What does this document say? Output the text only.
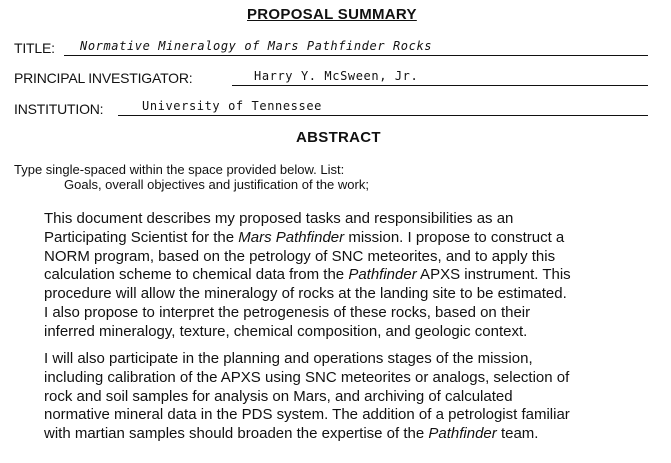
PROPOSAL SUMMARY
TITLE: Normative Mineralogy of Mars Pathfinder Rocks
PRINCIPAL INVESTIGATOR:	Harry Y. McSween, Jr.
INSTITUTION:	University of Tennessee
ABSTRACT
Type single-spaced within the space provided below. List:
Goals, overall objectives and justification of the work;
This document describes my proposed tasks and responsibilities as an
Participating Scientist for the Mars Pathfinder mission. I propose to construct a
NORM program, based on the petrology of SNC meteorites, and to apply this
calculation scheme to chemical data from the Pathfinder APXS instrument. This
procedure will allow the mineralogy of rocks at the landing site to be estimated.
I also propose to interpret the petrogenesis of these rocks, based on their
inferred mineralogy, texture, chemical composition, and geologic context.
I will also participate in the planning and operations stages of the mission,
including calibration of the APXS using SNC meteorites or analogs, selection of
rock and soil samples for analysis on Mars, and archiving of calculated
normative mineral data in the PDS system. The addition of a petrologist familiar
with martian samples should broaden the expertise of the Pathfinder team.
